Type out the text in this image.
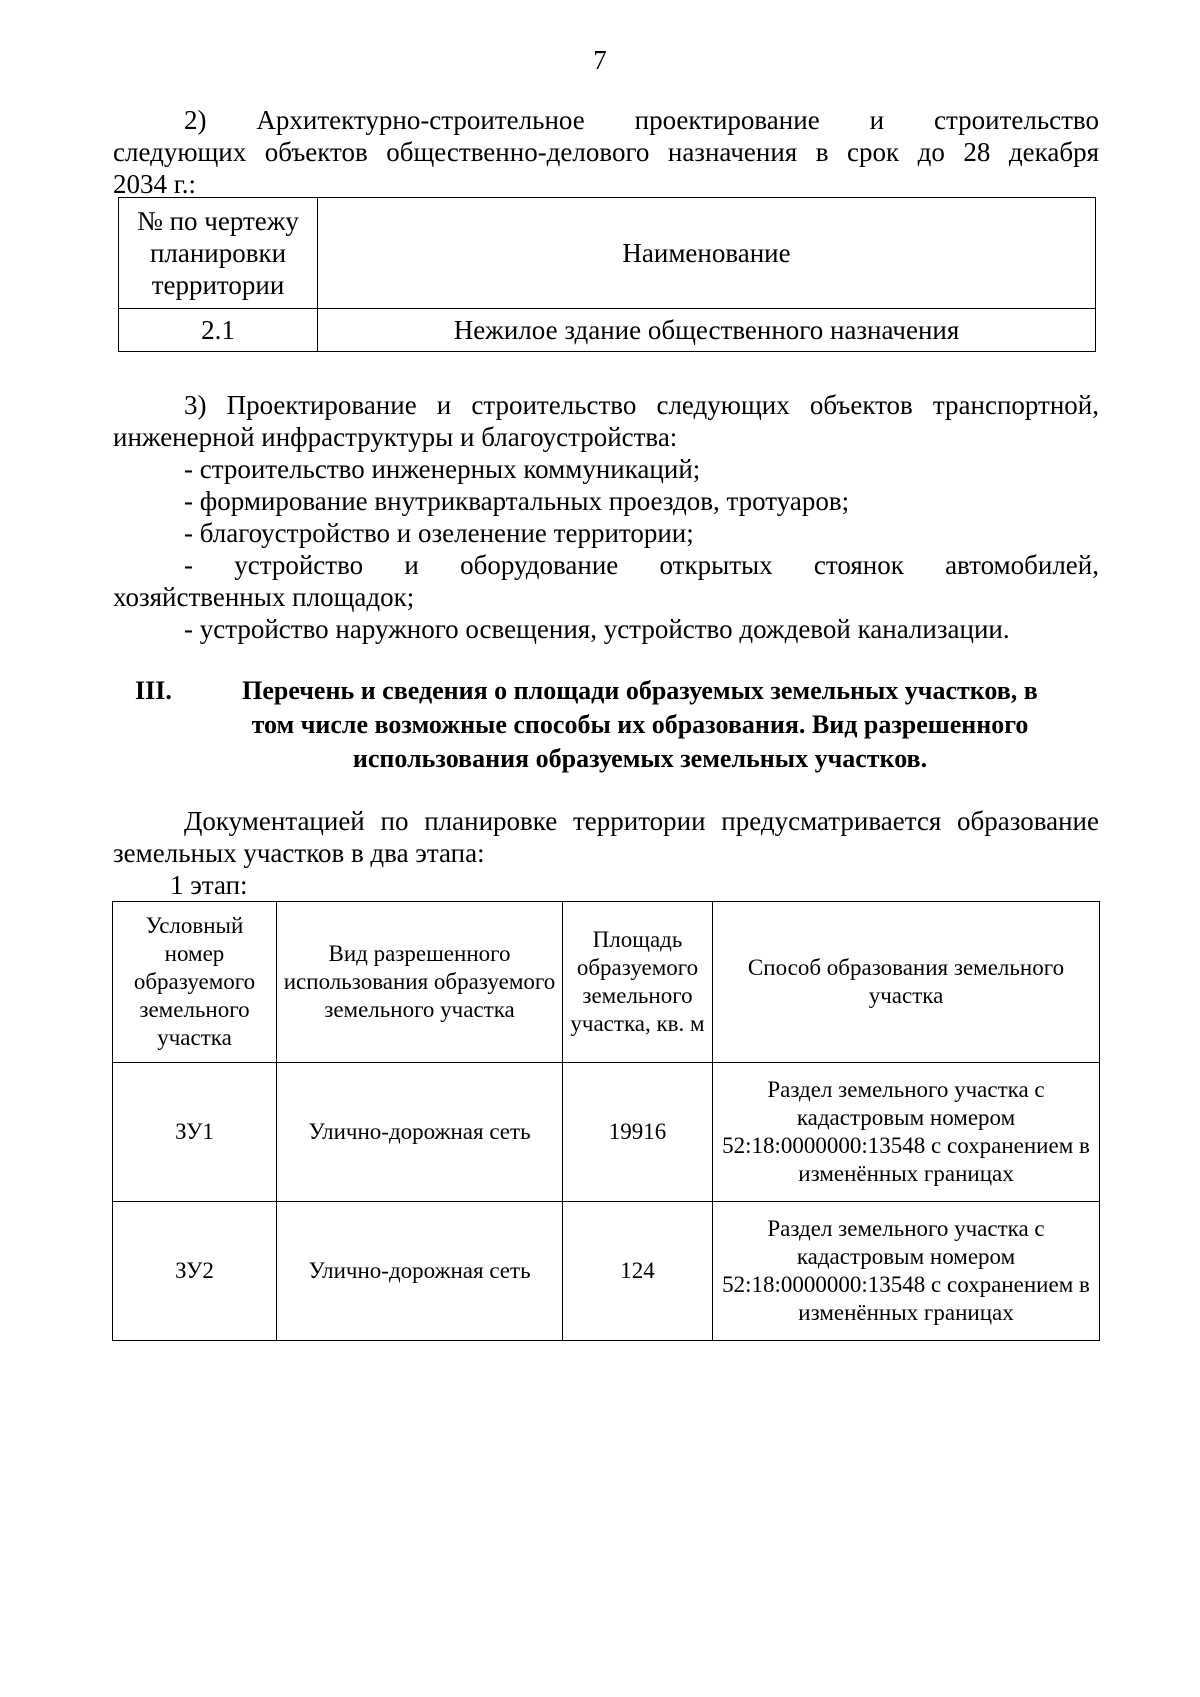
7
2) Архитектурно-строительное проектирование и строительство
следующих объектов общественно-делового назначения в срок до 28 декабря
2034 г.:
№ по чертежу планировки территории	Наименование
2.1	Нежилое здание общественного назначения
3) Проектирование и строительство следующих объектов транспортной,
инженерной инфраструктуры и благоустройства:
- строительство инженерных коммуникаций;
- формирование внутриквартальных проездов, тротуаров;
- благоустройство и озеленение территории;
- устройство и оборудование открытых стоянок автомобилей,
хозяйственных площадок;
- устройство наружного освещения, устройство дождевой канализации.
III.	Перечень и сведения о площади образуемых земельных участков, в
том числе возможные способы их образования. Вид разрешенного
использования образуемых земельных участков.
Документацией по планировке территории предусматривается образование
земельных участков в два этапа:
1 этап:
Условный номер образуемого земельного участка	Вид разрешенного использования образуемого земельного участка	Площадь образуемого земельного участка, кв. м	Способ образования земельного участка
ЗУ1	Улично-дорожная сеть	19916	Раздел земельного участка с кадастровым номером 52:18:0000000:13548 с сохранением в изменённых границах
ЗУ2	Улично-дорожная сеть	124	Раздел земельного участка с кадастровым номером 52:18:0000000:13548 с сохранением в изменённых границах
